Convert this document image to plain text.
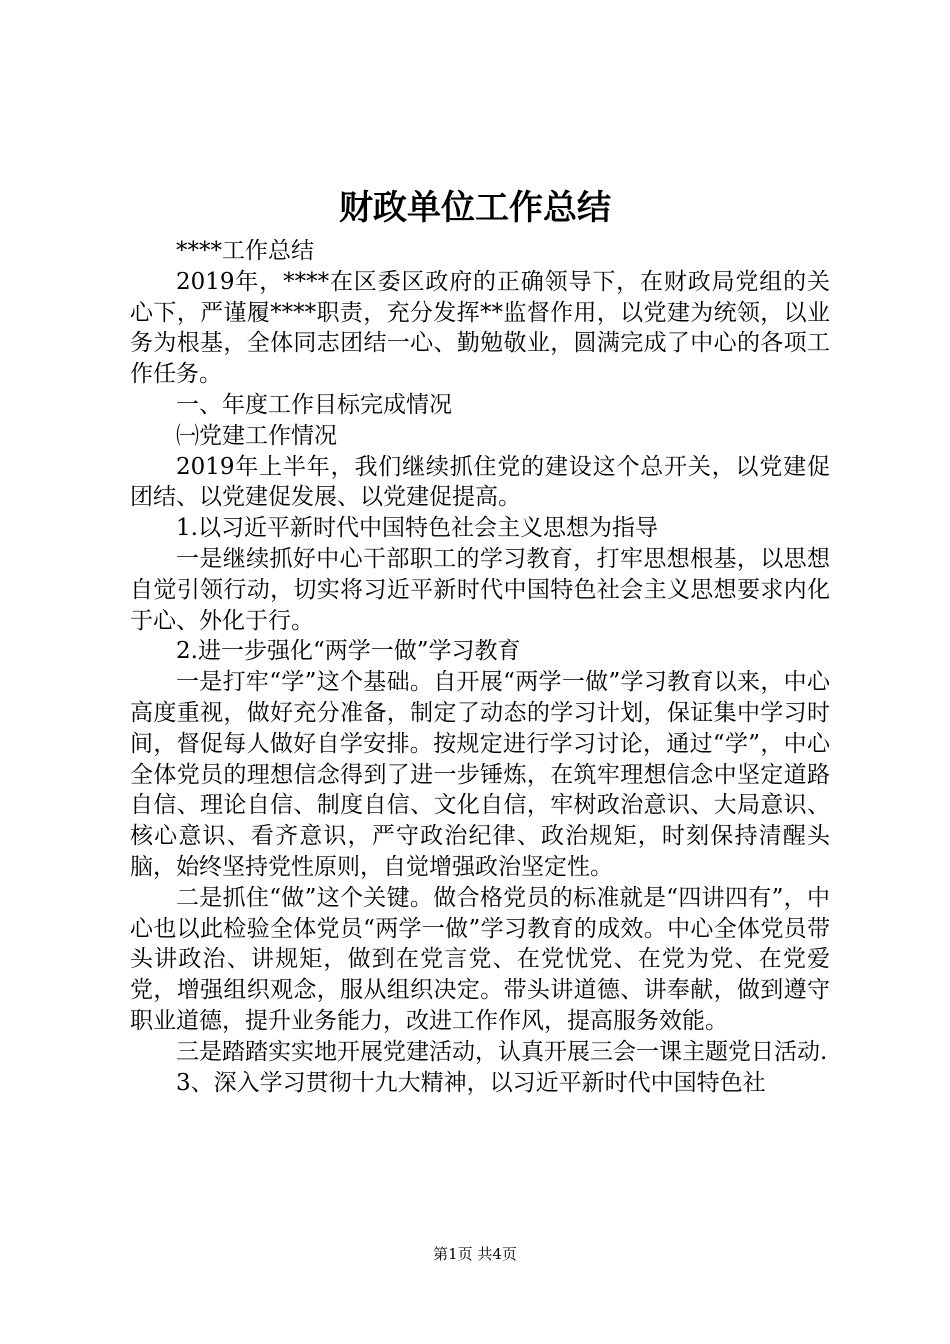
财政单位工作总结

****工作总结

2019年，****在区委区政府的正确领导下，在财政局党组的关心下，严谨履****职责，充分发挥**监督作用，以党建为统领，以业务为根基，全体同志团结一心、勤勉敬业，圆满完成了中心的各项工作任务。

一、年度工作目标完成情况

㈠党建工作情况

2019年上半年，我们继续抓住党的建设这个总开关，以党建促团结、以党建促发展、以党建促提高。

1.以习近平新时代中国特色社会主义思想为指导

一是继续抓好中心干部职工的学习教育，打牢思想根基，以思想自觉引领行动，切实将习近平新时代中国特色社会主义思想要求内化于心、外化于行。

2.进一步强化“两学一做”学习教育

一是打牢“学”这个基础。自开展“两学一做”学习教育以来，中心高度重视，做好充分准备，制定了动态的学习计划，保证集中学习时间，督促每人做好自学安排。按规定进行学习讨论，通过“学”，中心全体党员的理想信念得到了进一步锤炼，在筑牢理想信念中坚定道路自信、理论自信、制度自信、文化自信，牢树政治意识、大局意识、核心意识、看齐意识，严守政治纪律、政治规矩，时刻保持清醒头脑，始终坚持党性原则，自觉增强政治坚定性。

二是抓住“做”这个关键。做合格党员的标准就是“四讲四有”，中心也以此检验全体党员“两学一做”学习教育的成效。中心全体党员带头讲政治、讲规矩，做到在党言党、在党忧党、在党为党、在党爱党，增强组织观念，服从组织决定。带头讲道德、讲奉献，做到遵守职业道德，提升业务能力，改进工作作风，提高服务效能。

三是踏踏实实地开展党建活动，认真开展三会一课主题党日活动.

3、深入学习贯彻十九大精神，以习近平新时代中国特色社

第1页 共4页
